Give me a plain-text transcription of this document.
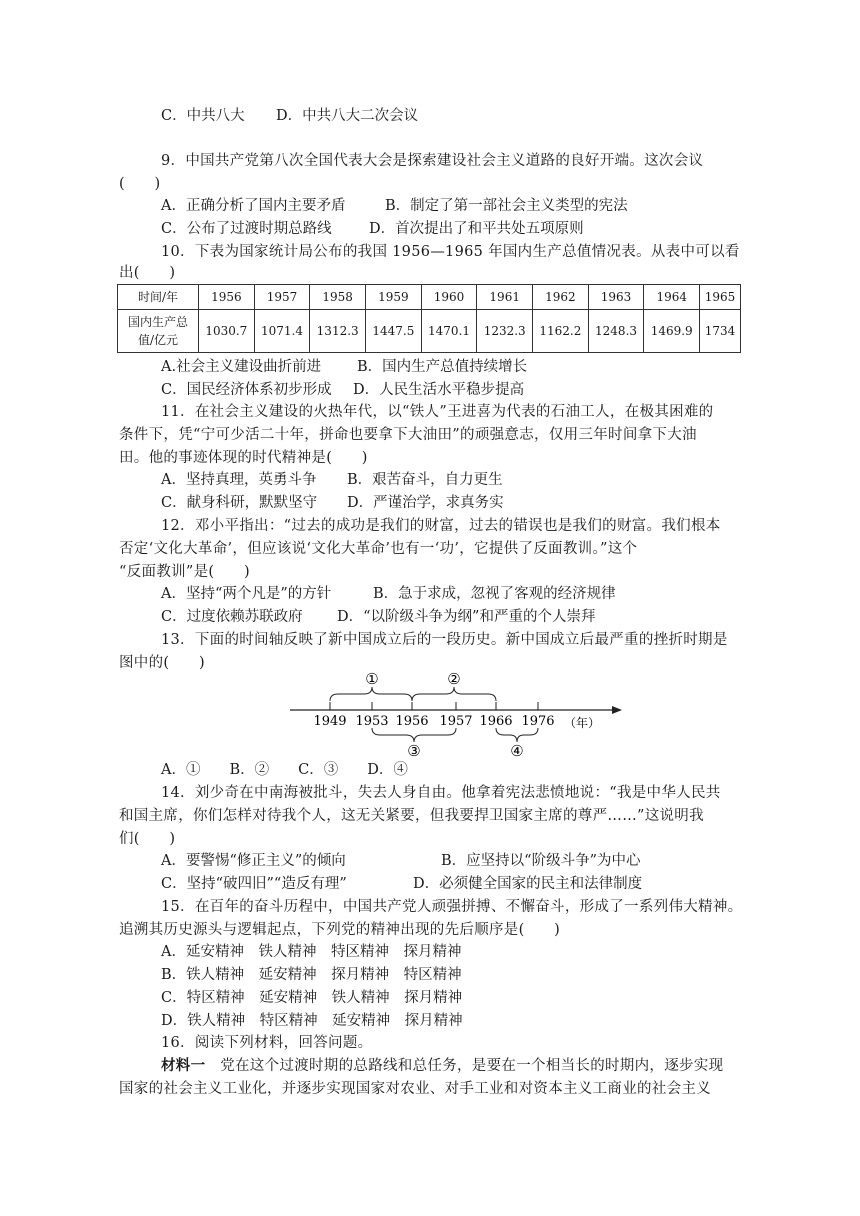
C．中共八大 D．中共八大二次会议
9．中国共产党第八次全国代表大会是探索建设社会主义道路的良好开端。这次会议
(　　)
A．正确分析了国内主要矛盾	B．制定了第一部社会主义类型的宪法
C．公布了过渡时期总路线	D．首次提出了和平共处五项原则
10．下表为国家统计局公布的我国 1956—1965 年国内生产总值情况表。从表中可以看
出(　　)
时间/年	1956	1957	1958	1959	1960	1961	1962	1963	1964	1965
国内生产总
值/亿元	1030.7	1071.4	1312.3	1447.5	1470.1	1232.3	1162.2	1248.3	1469.9	1734
A.社会主义建设曲折前进 B．国内生产总值持续增长
C．国民经济体系初步形成 D．人民生活水平稳步提高
11．在社会主义建设的火热年代，以“铁人”王进喜为代表的石油工人，在极其困难的
条件下，凭“宁可少活二十年，拼命也要拿下大油田”的顽强意志，仅用三年时间拿下大油
田。他的事迹体现的时代精神是(　　)
A．坚持真理，英勇斗争 B．艰苦奋斗，自力更生
C．献身科研，默默坚守 D．严谨治学，求真务实
12．邓小平指出：“过去的成功是我们的财富，过去的错误也是我们的财富。我们根本
否定‘文化大革命’，但应该说‘文化大革命’也有一‘功’，它提供了反面教训。”这个
“反面教训”是(　　)
A．坚持“两个凡是”的方针	B．急于求成，忽视了客观的经济规律
C．过度依赖苏联政府 D．“以阶级斗争为纲”和严重的个人崇拜
13．下面的时间轴反映了新中国成立后的一段历史。新中国成立后最严重的挫折时期是
图中的(　　)
1949 1953 1956 1957 1966 1976 （年）
①	②
③	④
A．①　　B．②　　C．③　　D．④
14．刘少奇在中南海被批斗，失去人身自由。他拿着宪法悲愤地说：“我是中华人民共
和国主席，你们怎样对待我个人，这无关紧要，但我要捍卫国家主席的尊严……”这说明我
们(　　)
A．要警惕“修正主义”的倾向	B．应坚持以“阶级斗争”为中心
C．坚持“破四旧”“造反有理”	D．必须健全国家的民主和法律制度
15．在百年的奋斗历程中，中国共产党人顽强拼搏、不懈奋斗，形成了一系列伟大精神。
追溯其历史源头与逻辑起点，下列党的精神出现的先后顺序是(　　)
A．延安精神　铁人精神　特区精神　探月精神
B．铁人精神　延安精神　探月精神　特区精神
C．特区精神　延安精神　铁人精神　探月精神
D．铁人精神　特区精神　延安精神　探月精神
16．阅读下列材料，回答问题。
材料一　党在这个过渡时期的总路线和总任务，是要在一个相当长的时期内，逐步实现
国家的社会主义工业化，并逐步实现国家对农业、对手工业和对资本主义工商业的社会主义
